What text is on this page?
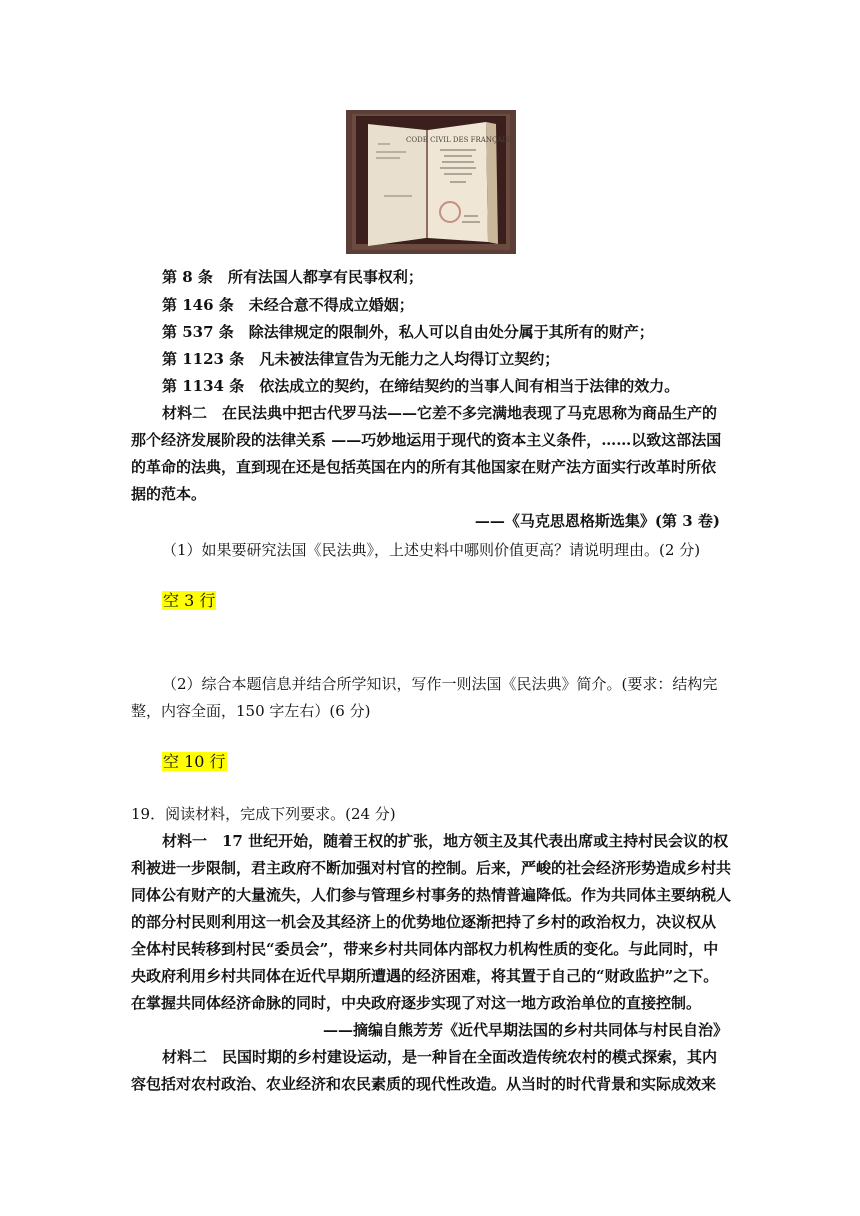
CODE CIVIL DES FRANÇAIS
第 8 条　所有法国人都享有民事权利；
第 146 条　未经合意不得成立婚姻；
第 537 条　除法律规定的限制外，私人可以自由处分属于其所有的财产；
第 1123 条　凡未被法律宣告为无能力之人均得订立契约；
第 1134 条　依法成立的契约，在缔结契约的当事人间有相当于法律的效力。
材料二　在民法典中把古代罗马法——它差不多完满地表现了马克思称为商品生产的
那个经济发展阶段的法律关系 ——巧妙地运用于现代的资本主义条件，……以致这部法国
的革命的法典，直到现在还是包括英国在内的所有其他国家在财产法方面实行改革时所依
据的范本。
——《马克思恩格斯选集》(第 3 卷)
（1）如果要研究法国《民法典》，上述史料中哪则价值更高？请说明理由。(2 分)
空 3 行
（2）综合本题信息并结合所学知识，写作一则法国《民法典》简介。(要求：结构完
整，内容全面，150 字左右）(6 分)
空 10 行
19．阅读材料，完成下列要求。(24 分)
材料一　17 世纪开始，随着王权的扩张，地方领主及其代表出席或主持村民会议的权
利被进一步限制，君主政府不断加强对村官的控制。后来，严峻的社会经济形势造成乡村共
同体公有财产的大量流失，人们参与管理乡村事务的热情普遍降低。作为共同体主要纳税人
的部分村民则利用这一机会及其经济上的优势地位逐渐把持了乡村的政治权力，决议权从
全体村民转移到村民“委员会”，带来乡村共同体内部权力机构性质的变化。与此同时，中
央政府利用乡村共同体在近代早期所遭遇的经济困难，将其置于自己的“财政监护”之下。
在掌握共同体经济命脉的同时，中央政府逐步实现了对这一地方政治单位的直接控制。
——摘编自熊芳芳《近代早期法国的乡村共同体与村民自治》
材料二　民国时期的乡村建设运动，是一种旨在全面改造传统农村的模式探索，其内
容包括对农村政治、农业经济和农民素质的现代性改造。从当时的时代背景和实际成效来
